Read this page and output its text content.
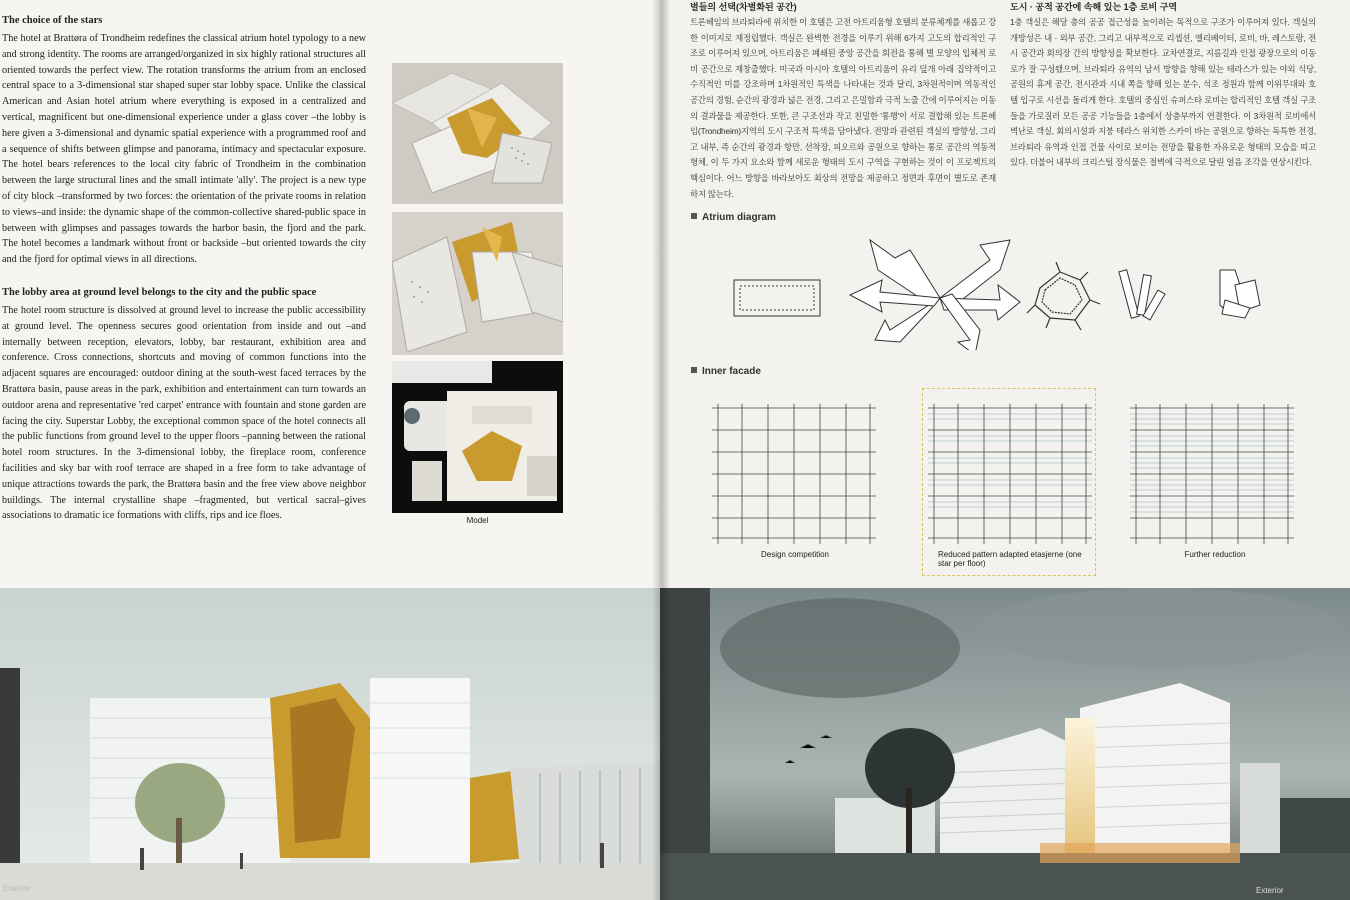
The choice of the stars

The hotel at Brattøra of Trondheim redefines the classical atrium hotel typology to a new and strong identity. The rooms are arranged/organized in six highly rational structures all oriented towards the perfect view. The rotation transforms the atrium from an enclosed central space to a 3-dimensional star shaped super star lobby space. Unlike the classical American and Asian hotel atrium where everything is exposed in a centralized and vertical, magnificent but one-dimensional experience under a glass cover –the lobby is here given a 3-dimensional and dynamic spatial experience with a programmed roof and a sequence of shifts between glimpse and panorama, intimacy and spectacular exposure. The hotel bears references to the local city fabric of Trondheim in the combination between the large structural lines and the small intimate 'ally'. The project is a new type of city block –transformed by two forces: the orientation of the private rooms in relation to views–and inside: the dynamic shape of the common-collective shared-public space in between with glimpses and passages towards the harbor basin, the fjord and the park. The hotel becomes a landmark without front or backside –but oriented towards the city and the fjord for optimal views in all directions.

The lobby area at ground level belongs to the city and the public space

The hotel room structure is dissolved at ground level to increase the public accessibility at ground level. The openness secures good orientation from inside and out –and internally between reception, elevators, lobby, bar restaurant, exhibition area and conference. Cross connections, shortcuts and moving of common functions into the adjacent squares are encouraged: outdoor dining at the south-west faced terraces by the Brattøra basin, pause areas in the park, exhibition and entertainment can turn towards an outdoor arena and representative 'red carpet' entrance with fountain and stone garden are facing the city. Superstar Lobby, the exceptional common space of the hotel connects all the public functions from ground level to the upper floors –panning between the rational hotel room structures. In the 3-dimensional lobby, the fireplace room, conference facilities and sky bar with roof terrace are shaped in a free form to take advantage of unique attractions towards the park, the Brattøra basin and the free view above neighbor buildings. The internal crystalline shape –fragmented, but vertical sacral–gives associations to dramatic ice formations with cliffs, rips and ice floes.	Model
Exterior
별들의 선택(차별화된 공간)

트론헤임의 브라퇴라에 위치한 이 호텔은 고전 아트리움형 호텔의 분류체계를 새롭고 강한 이미지로 재정립했다. 객실은 완벽한 전경을 이루기 위해 6가지 고도의 합리적인 구조로 이루어져 있으며, 아트리움은 폐쇄된 중앙 공간을 회전을 통해 별 모양의 입체적 로비 공간으로 재창출했다. 미국과 아시아 호텔의 아트리움이 유리 덮개 아래 집약적이고 수직적인 미를 강조하며 1차원적인 특색을 나타내는 것과 달리, 3차원적이며 역동적인 공간의 경험, 순간의 광경과 넓은 전경, 그리고 은밀함과 극적 노출 간에 이루어지는 이동의 결과물을 제공한다. 또한, 큰 구조선과 작고 친밀한 '통행'이 서로 결합해 있는 트론헤임(Trondheim)지역의 도시 구조적 특색을 담아냈다. 전망과 관련된 객실의 방향성, 그리고 내부, 즉 순간의 광경과 항만, 선착장, 피오르와 공원으로 향하는 통로 공간의 역동적 형체, 이 두 가지 요소와 함께 새로운 형태의 도시 구역을 구현하는 것이 이 프로젝트의 핵심이다. 어느 방향을 바라보아도 최상의 전망을 제공하고 정면과 후면이 별도로 존재하지 않는다.

도시 · 공적 공간에 속해 있는 1층 로비 구역

1층 객실은 해당 층의 공공 접근성을 높이려는 목적으로 구조가 이루어져 있다. 객실의 개방성은 내 · 외부 공간, 그리고 내부적으로 리셉션, 엘리베이터, 로비, 바, 레스토랑, 전시 공간과 회의장 간의 방향성을 확보한다. 교차연결로, 지름길과 인접 광장으로의 이동로가 잘 구성됐으며, 브라퇴라 유역의 남서 방향을 향해 있는 테라스가 있는 야외 식당, 공원의 휴게 공간, 전시관과 시내 쪽을 향해 있는 분수, 석조 정원과 함께 이위무대와 호텔 입구로 시선을 돌리게 한다. 호텔의 중심인 슈퍼스타 로비는 합리적인 호텔 객실 구조들을 가로질러 모든 공공 기능들을 1층에서 상층부까지 연결한다. 이 3차원적 로비에서 벽난로 객실, 회의시설과 지붕 테라스 위치한 스카이 바는 공원으로 향하는 독특한 전경, 브라퇴라 유역과 인접 건물 사이로 보이는 전망을 활용한 자유로운 형태의 모습을 띠고 있다. 더불어 내부의 크리스털 장식물은 절벽에 극적으로 달린 얼음 조각을 연상시킨다.

Atrium diagram
Inner facade
Design competition	Reduced pattern adapted etasjerne (one star per floor)
Further reduction
Exterior
